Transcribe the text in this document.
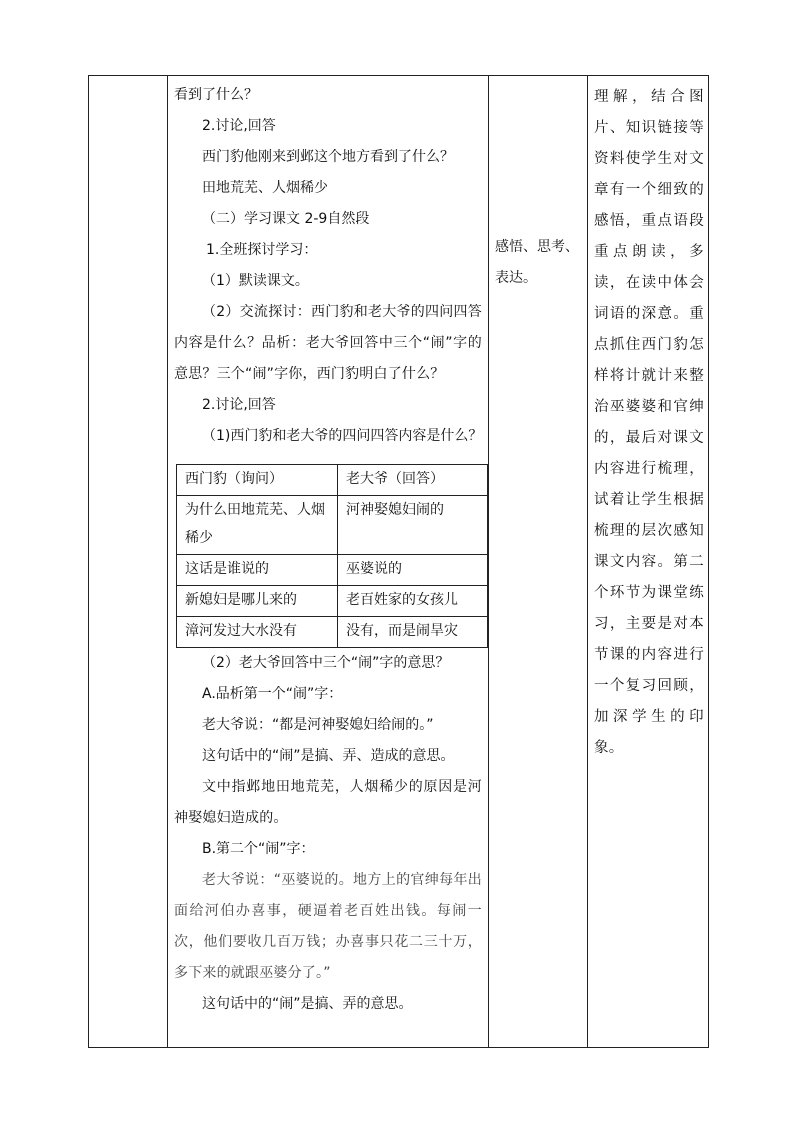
看到了什么？

2.讨论,回答

西门豹他刚来到邺这个地方看到了什么？

田地荒芜、人烟稀少

（二）学习课文 2-9自然段

1.全班探讨学习：

（1）默读课文。

（2）交流探讨：西门豹和老大爷的四问四答内容是什么？品析：老大爷回答中三个“闹”字的意思？三个“闹”字你，西门豹明白了什么？

2.讨论,回答

（1)西门豹和老大爷的四问四答内容是什么？

西门豹（询问）	老大爷（回答）
为什么田地荒芜、人烟稀少	河神娶媳妇闹的
这话是谁说的	巫婆说的
新媳妇是哪儿来的	老百姓家的女孩儿
漳河发过大水没有	没有，而是闹旱灾

（2）老大爷回答中三个“闹”字的意思？

A.品析第一个“闹”字：

老大爷说：“都是河神娶媳妇给闹的。”

这句话中的“闹”是搞、弄、造成的意思。

文中指邺地田地荒芜，人烟稀少的原因是河神娶媳妇造成的。

B.第二个“闹”字：

老大爷说：“巫婆说的。地方上的官绅每年出面给河伯办喜事，硬逼着老百姓出钱。每闹一次，他们要收几百万钱；办喜事只花二三十万，多下来的就跟巫婆分了。”

这句话中的“闹”是搞、弄的意思。

感悟、思考、表达。

理解，结合图片、知识链接等资料使学生对文章有一个细致的感悟，重点语段重点朗读，多读，在读中体会词语的深意。重点抓住西门豹怎样将计就计来整治巫婆婆和官绅的，最后对课文内容进行梳理，试着让学生根据梳理的层次感知课文内容。第二个环节为课堂练习，主要是对本节课的内容进行一个复习回顾，加深学生的印象。
